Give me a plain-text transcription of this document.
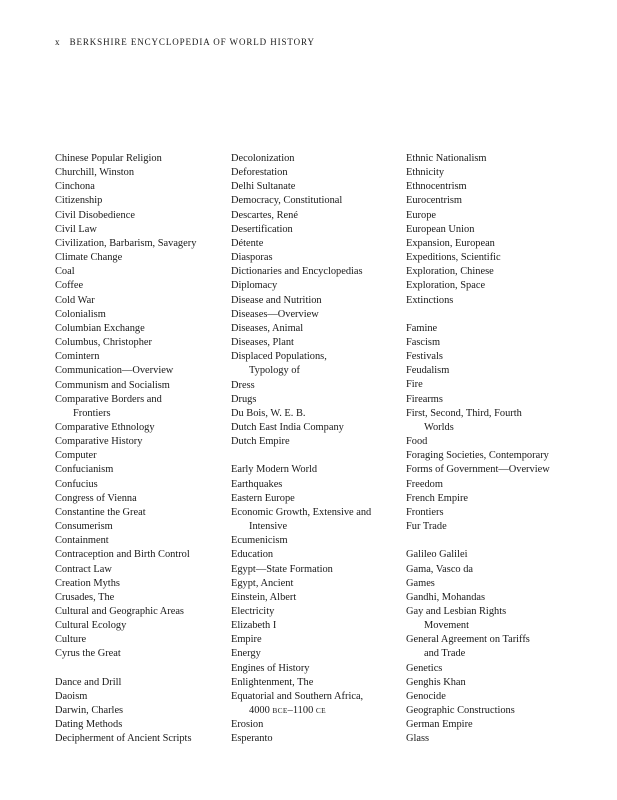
x BERKSHIRE ENCYCLOPEDIA OF WORLD HISTORY
Chinese Popular Religion
Churchill, Winston
Cinchona
Citizenship
Civil Disobedience
Civil Law
Civilization, Barbarism, Savagery
Climate Change
Coal
Coffee
Cold War
Colonialism
Columbian Exchange
Columbus, Christopher
Comintern
Communication—Overview
Communism and Socialism
Comparative Borders and
Frontiers
Comparative Ethnology
Comparative History
Computer
Confucianism
Confucius
Congress of Vienna
Constantine the Great
Consumerism
Containment
Contraception and Birth Control
Contract Law
Creation Myths
Crusades, The
Cultural and Geographic Areas
Cultural Ecology
Culture
Cyrus the Great
Dance and Drill
Daoism
Darwin, Charles
Dating Methods
Decipherment of Ancient Scripts
Decolonization
Deforestation
Delhi Sultanate
Democracy, Constitutional
Descartes, René
Desertification
Détente
Diasporas
Dictionaries and Encyclopedias
Diplomacy
Disease and Nutrition
Diseases—Overview
Diseases, Animal
Diseases, Plant
Displaced Populations,
Typology of
Dress
Drugs
Du Bois, W. E. B.
Dutch East India Company
Dutch Empire
Early Modern World
Earthquakes
Eastern Europe
Economic Growth, Extensive and
Intensive
Ecumenicism
Education
Egypt—State Formation
Egypt, Ancient
Einstein, Albert
Electricity
Elizabeth I
Empire
Energy
Engines of History
Enlightenment, The
Equatorial and Southern Africa,
4000 BCE–1100 CE
Erosion
Esperanto
Ethnic Nationalism
Ethnicity
Ethnocentrism
Eurocentrism
Europe
European Union
Expansion, European
Expeditions, Scientific
Exploration, Chinese
Exploration, Space
Extinctions
Famine
Fascism
Festivals
Feudalism
Fire
Firearms
First, Second, Third, Fourth
Worlds
Food
Foraging Societies, Contemporary
Forms of Government—Overview
Freedom
French Empire
Frontiers
Fur Trade
Galileo Galilei
Gama, Vasco da
Games
Gandhi, Mohandas
Gay and Lesbian Rights
Movement
General Agreement on Tariffs
and Trade
Genetics
Genghis Khan
Genocide
Geographic Constructions
German Empire
Glass
